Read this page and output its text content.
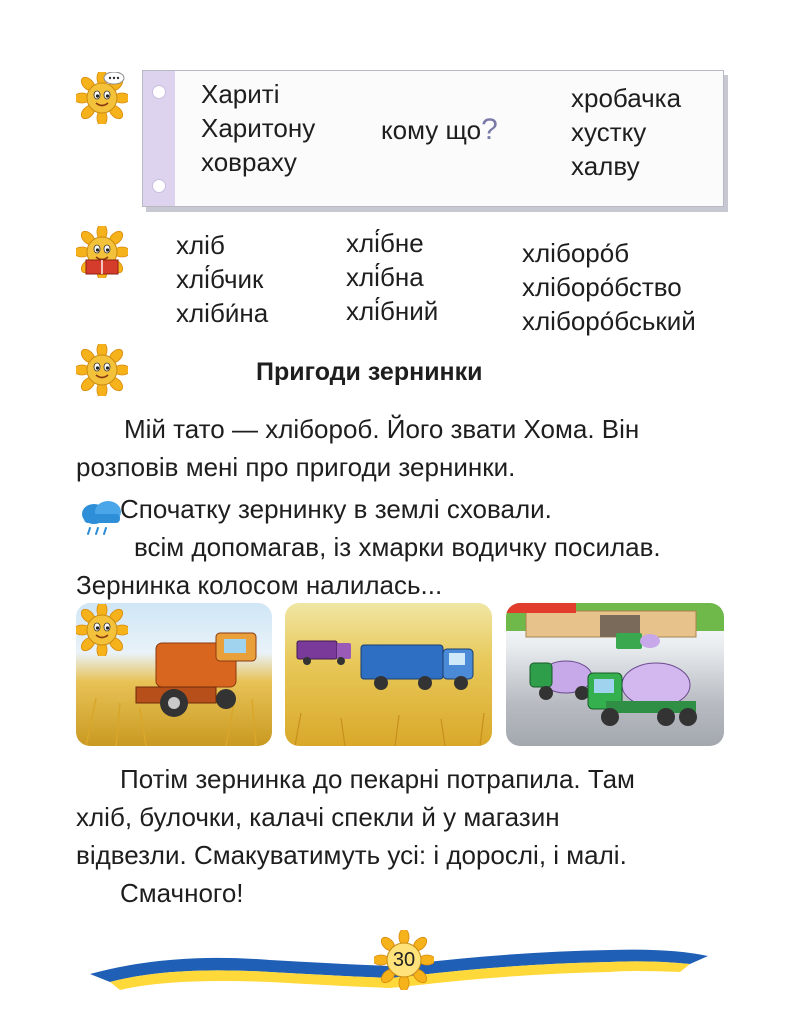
Хариті
Харитону
ховраху
кому що?
хробачка
хустку
халву
хліб
хлі́бчик
хліби́на
хлі́бне
хлі́бна
хлі́бний
хліборо́б
хліборо́бство
хліборо́бський
Пригоди зернинки
Мій тато — хлібороб. Його звати Хома. Він
розповів мені про пригоди зернинки.
Спочатку зернинку в землі сховали.
всім допомагав, із хмарки водичку посилав.
Зернинка колосом налилась...
Потім зернинка до пекарні потрапила. Там
хліб, булочки, калачі спекли й у магазин
відвезли. Смакуватимуть усі: і дорослі, і малі.
Смачного!
30
